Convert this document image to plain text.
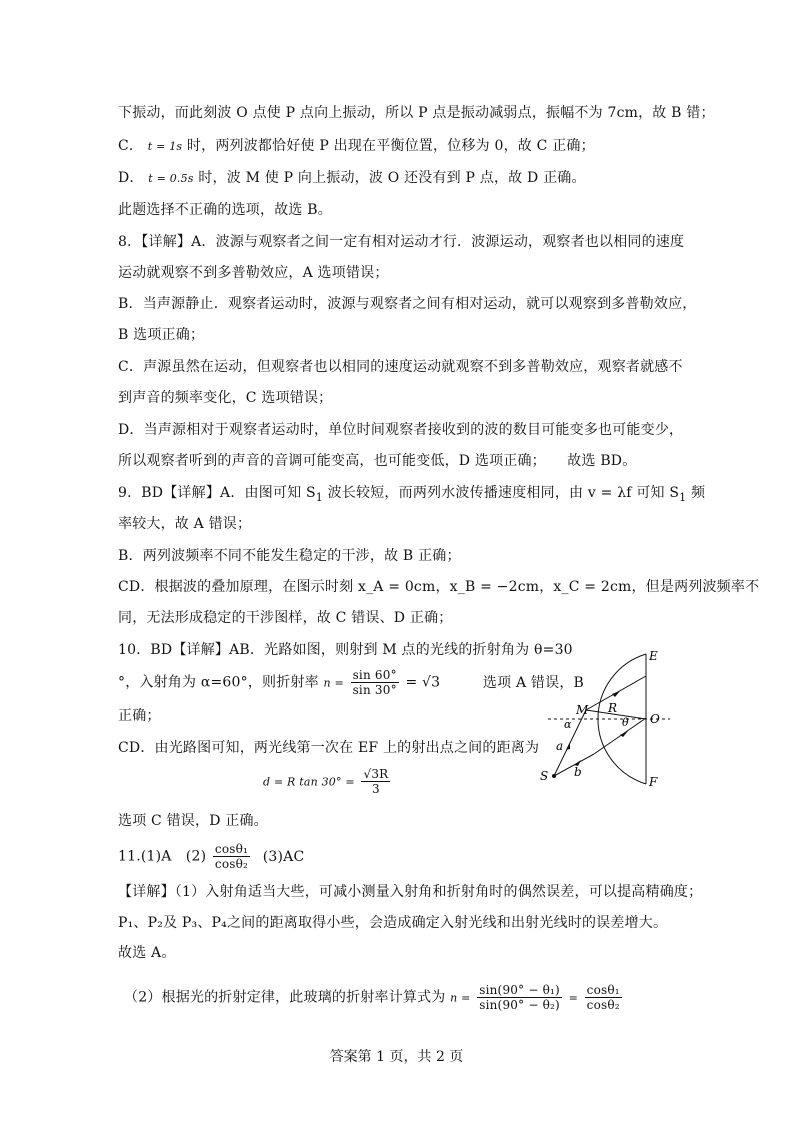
下振动，而此刻波 O 点使 P 点向上振动，所以 P 点是振动减弱点，振幅不为 7cm，故 B 错；
C． t = 1s 时，两列波都恰好使 P 出现在平衡位置，位移为 0，故 C 正确；
D． t = 0.5s 时，波 M 使 P 向上振动，波 O 还没有到 P 点，故 D 正确。
此题选择不正确的选项，故选 B。
8．【详解】A．波源与观察者之间一定有相对运动才行．波源运动，观察者也以相同的速度
运动就观察不到多普勒效应，A 选项错误；
B．当声源静止．观察者运动时，波源与观察者之间有相对运动，就可以观察到多普勒效应，
B 选项正确；
C．声源虽然在运动，但观察者也以相同的速度运动就观察不到多普勒效应，观察者就感不
到声音的频率变化，C 选项错误；
D．当声源相对于观察者运动时，单位时间观察者接收到的波的数目可能变多也可能变少，
所以观察者听到的声音的音调可能变高，也可能变低，D 选项正确；　　故选 BD。
9．BD【详解】A．由图可知 $S_1$ 波长较短，而两列水波传播速度相同，由 v = λf 可知 $S_1$ 频
率较大，故 A 错误；
B．两列波频率不同不能发生稳定的干涉，故 B 正确；
CD．根据波的叠加原理，在图示时刻 x_A = 0cm，x_B = −2cm，x_C = 2cm，但是两列波频率不
同，无法形成稳定的干涉图样，故 C 错误、D 正确；
10．BD【详解】AB．光路如图，则射到 M 点的光线的折射角为 θ=30
°，入射角为 α=60°，则折射率 $n = \frac{\sin 60^\circ}{\sin 30^\circ} = √3$	选项 A 错误，B
正确；
CD．由光路图可知，两光线第一次在 EF 上的射出点之间的距离为
d = R $\tan 30^\circ = \frac{√3R}{3}$
选项 C 错误，D 正确。
11.(1)A　$(2) \frac{\text{cosθ₁}}{\text{cosθ₂}} (3)AC$
【详解】（1）入射角适当大些，可减小测量入射角和折射角时的偶然误差，可以提高精确度；
P₁、P₂及 P₃、P₄之间的距离取得小些，会造成确定入射光线和出射光线时的误差增大。
故选 A。
（2）根据光的折射定律，此玻璃的折射率计算式为 $n = \frac{\text{sin(90° − θ₁)}}{\text{sin(90° − θ₂)}} = \frac{\text{cosθ₁}}{\text{cosθ₂}}$
E
M R
θ O
α
a
S b
F
答案第 1 页，共 2 页
